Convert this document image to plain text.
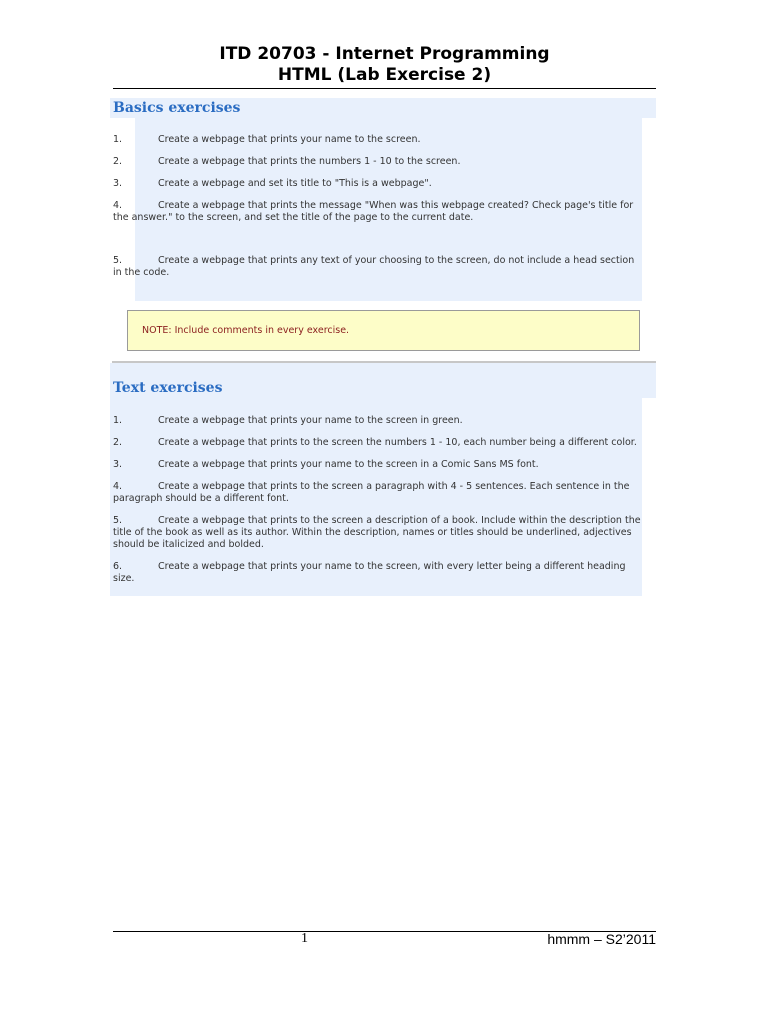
ITD 20703 - Internet Programming
HTML (Lab Exercise 2)
Basics exercises
1.	Create a webpage that prints your name to the screen.
2.	Create a webpage that prints the numbers 1 - 10 to the screen.
3.	Create a webpage and set its title to "This is a webpage".
4.	Create a webpage that prints the message "When was this webpage created? Check page's title for the answer." to the screen, and set the title of the page to the current date.
5.	Create a webpage that prints any text of your choosing to the screen, do not include a head section in the code.
NOTE: Include comments in every exercise.
Text exercises
1.	Create a webpage that prints your name to the screen in green.
2.	Create a webpage that prints to the screen the numbers 1 - 10, each number being a different color.
3.	Create a webpage that prints your name to the screen in a Comic Sans MS font.
4.	Create a webpage that prints to the screen a paragraph with 4 - 5 sentences. Each sentence in the paragraph should be a different font.
5.	Create a webpage that prints to the screen a description of a book. Include within the description the title of the book as well as its author. Within the description, names or titles should be underlined, adjectives should be italicized and bolded.
6.	Create a webpage that prints your name to the screen, with every letter being a different heading size.
1	hmmm – S2’2011
